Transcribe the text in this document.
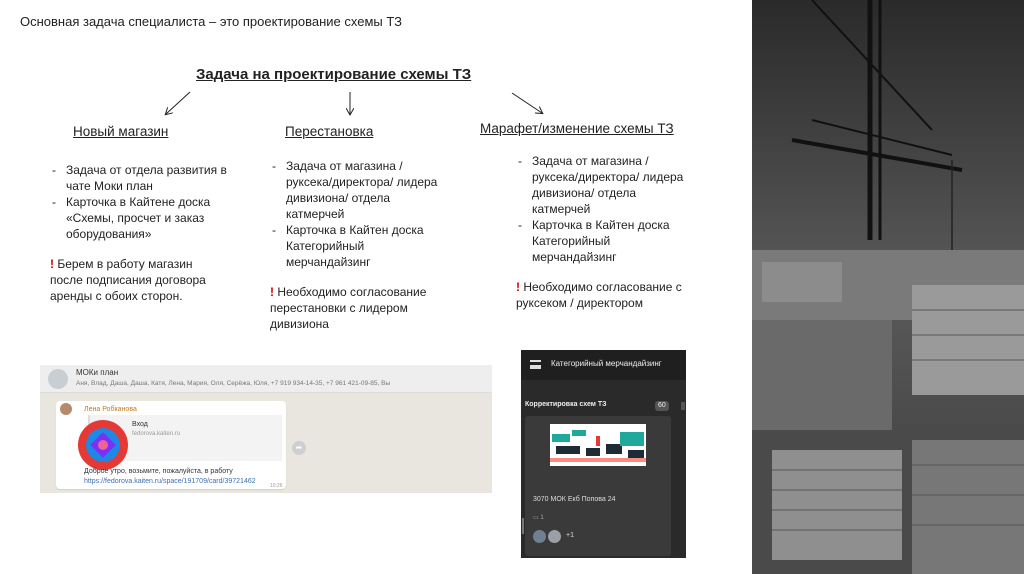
Основная задача специалиста – это проектирование схемы ТЗ
Задача на проектирование схемы ТЗ
Новый магазин
- Задача от отдела развития в чате Моки план
- Карточка в Кайтене доска «Схемы, просчет и заказ оборудования»
! Берем в работу магазин после подписания договора аренды с обоих сторон.
Перестановка
- Задача от магазина / руксека/директора/ лидера дивизиона/ отдела катмерчей
- Карточка в Кайтен доска Категорийный мерчандайзинг
! Необходимо согласование перестановки с лидером дивизиона
Марафет/изменение схемы ТЗ
- Задача от магазина / руксека/директора/ лидера дивизиона/ отдела катмерчей
- Карточка в Кайтен доска Категорийный мерчандайзинг
! Необходимо согласование с руксеком / директором
МОКи план
Аня, Влад, Даша, Даша, Катя, Лена, Мария, Оля, Серёжа, Юля, +7 919 934-14-35, +7 961 421-09-85, Вы
Лена Робканова
Вход
fedorova.kaiten.ru
Доброе утро, возьмите, пожалуйста, в работу
https://fedorova.kaiten.ru/space/191709/card/39721462
10:26
➦
Категорийный мерчандайзинг
Корректировка схем ТЗ	60
3070 МОК Екб Попова 24
▭ 1
+1
